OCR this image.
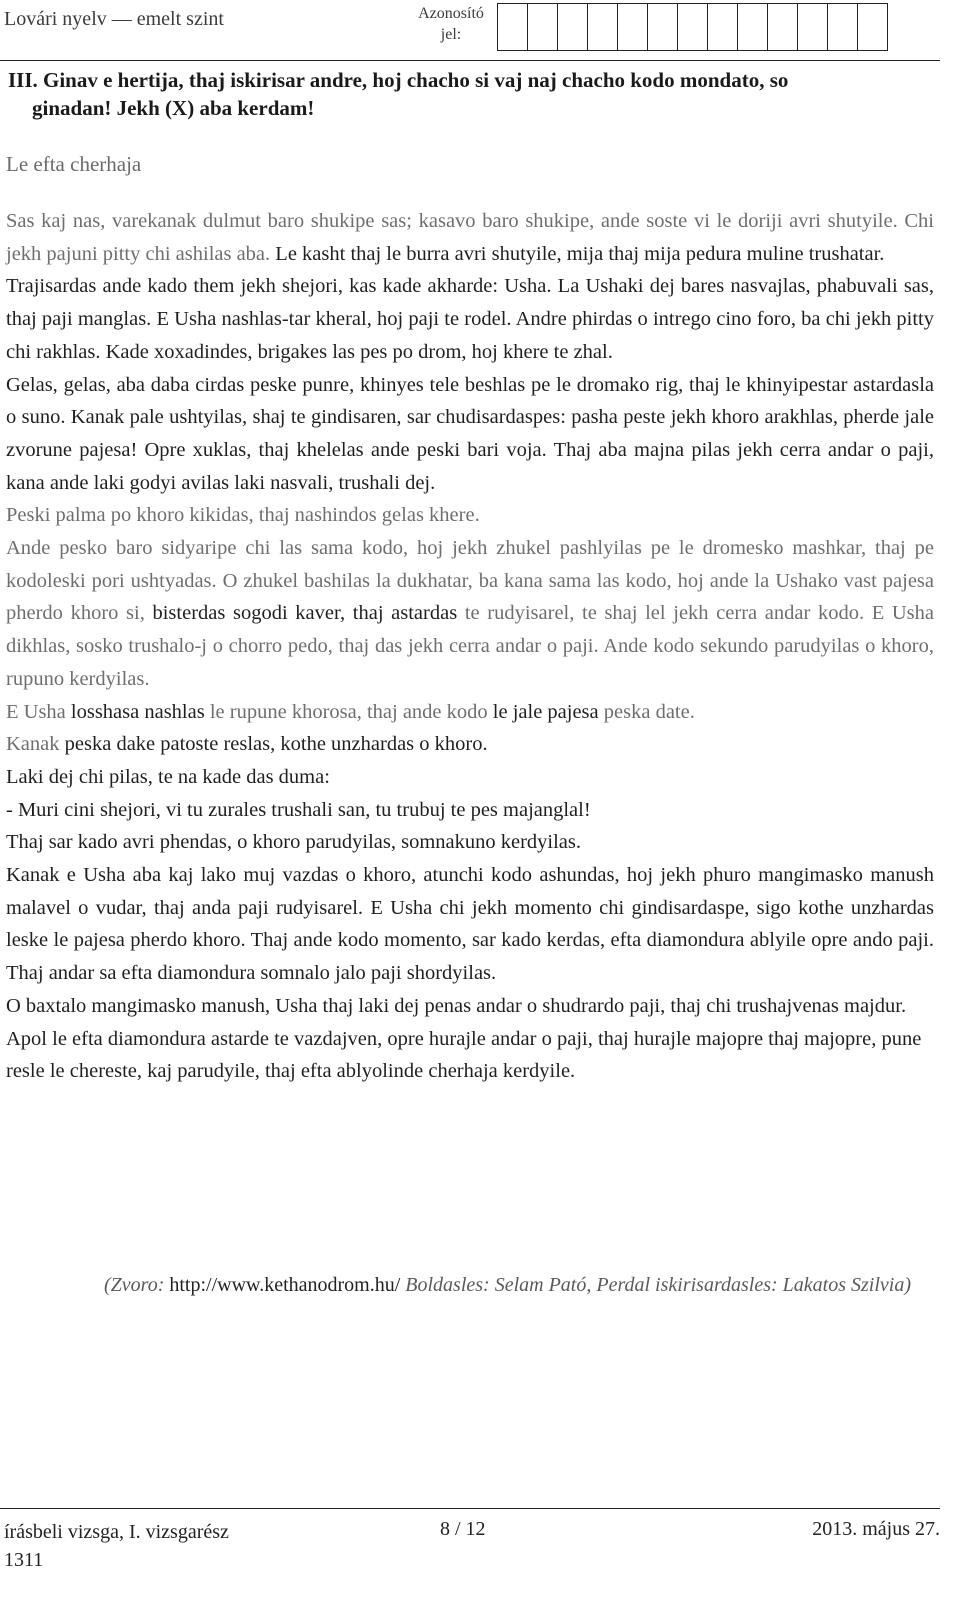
Lovári nyelv — emelt szint	Azonosító
jel:
III. Ginav e hertija, thaj iskirisar andre, hoj chacho si vaj naj chacho kodo mondato, so
ginadan! Jekh (X) aba kerdam!
Le efta cherhaja

Sas kaj nas, varekanak dulmut baro shukipe sas; kasavo baro shukipe, ande soste vi le doriji avri shutyile. Chi jekh pajuni pitty chi ashilas aba. Le kasht thaj le burra avri shutyile, mija thaj mija pedura muline trushatar.

Trajisardas ande kado them jekh shejori, kas kade akharde: Usha. La Ushaki dej bares nasvajlas, phabuvali sas, thaj paji manglas. E Usha nashlas-tar kheral, hoj paji te rodel. Andre phirdas o intrego cino foro, ba chi jekh pitty chi rakhlas. Kade xoxadindes, brigakes las pes po drom, hoj khere te zhal.

Gelas, gelas, aba daba cirdas peske punre, khinyes tele beshlas pe le dromako rig, thaj le khinyipestar astardasla o suno. Kanak pale ushtyilas, shaj te gindisaren, sar chudisardaspes: pasha peste jekh khoro arakhlas, pherde jale zvorune pajesa! Opre xuklas, thaj khelelas ande peski bari voja. Thaj aba majna pilas jekh cerra andar o paji, kana ande laki godyi avilas laki nasvali, trushali dej.

Peski palma po khoro kikidas, thaj nashindos gelas khere.

Ande pesko baro sidyaripe chi las sama kodo, hoj jekh zhukel pashlyilas pe le dromesko mashkar, thaj pe kodoleski pori ushtyadas. O zhukel bashilas la dukhatar, ba kana sama las kodo, hoj ande la Ushako vast pajesa pherdo khoro si, bisterdas sogodi kaver, thaj astardas te rudyisarel, te shaj lel jekh cerra andar kodo. E Usha dikhlas, sosko trushalo-j o chorro pedo, thaj das jekh cerra andar o paji. Ande kodo sekundo parudyilas o khoro, rupuno kerdyilas.

E Usha losshasa nashlas le rupune khorosa, thaj ande kodo le jale pajesa peska date.

Kanak peska dake patoste reslas, kothe unzhardas o khoro.

Laki dej chi pilas, te na kade das duma:

- Muri cini shejori, vi tu zurales trushali san, tu trubuj te pes majanglal!

Thaj sar kado avri phendas, o khoro parudyilas, somnakuno kerdyilas.

Kanak e Usha aba kaj lako muj vazdas o khoro, atunchi kodo ashundas, hoj jekh phuro mangimasko manush malavel o vudar, thaj anda paji rudyisarel. E Usha chi jekh momento chi gindisardaspe, sigo kothe unzhardas leske le pajesa pherdo khoro. Thaj ande kodo momento, sar kado kerdas, efta diamondura ablyile opre ando paji. Thaj andar sa efta diamondura somnalo jalo paji shordyilas.

O baxtalo mangimasko manush, Usha thaj laki dej penas andar o shudrardo paji, thaj chi trushajvenas majdur.

Apol le efta diamondura astarde te vazdajven, opre hurajle andar o paji, thaj hurajle majopre thaj majopre, pune resle le chereste, kaj parudyile, thaj efta ablyolinde cherhaja kerdyile.

(Zvoro: http://www.kethanodrom.hu/ Boldasles: Selam Pató, Perdal iskirisardasles: Lakatos Szilvia)
írásbeli vizsga, I. vizsgarész
1311
8 / 12	2013. május 27.
